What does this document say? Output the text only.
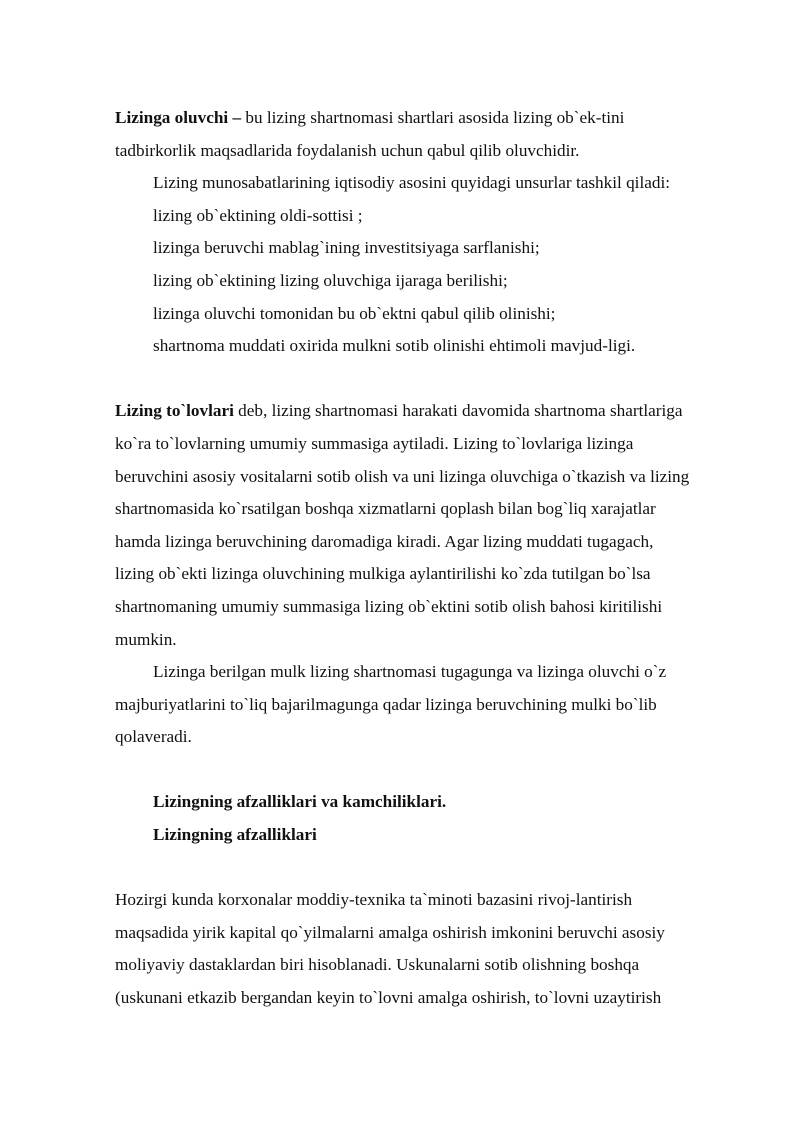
Lizinga oluvchi – bu lizing shartnomasi shartlari asosida lizing ob`ek-tini
tadbirkorlik maqsadlarida foydalanish uchun qabul qilib oluvchidir.
Lizing munosabatlarining iqtisodiy asosini quyidagi unsurlar tashkil qiladi:
lizing ob`ektining oldi-sottisi ;
lizinga beruvchi mablag`ining investitsiyaga sarflanishi;
lizing ob`ektining lizing oluvchiga ijaraga berilishi;
lizinga oluvchi tomonidan bu ob`ektni qabul qilib olinishi;
shartnoma muddati oxirida mulkni sotib olinishi ehtimoli mavjud-ligi.
Lizing to`lovlari deb, lizing shartnomasi harakati davomida shartnoma shartlariga
ko`ra to`lovlarning umumiy summasiga aytiladi. Lizing to`lovlariga lizinga
beruvchini asosiy vositalarni sotib olish va uni lizinga oluvchiga o`tkazish va lizing
shartnomasida ko`rsatilgan boshqa xizmatlarni qoplash bilan bog`liq xarajatlar
hamda lizinga beruvchining daromadiga kiradi. Agar lizing muddati tugagach,
lizing ob`ekti lizinga oluvchining mulkiga aylantirilishi ko`zda tutilgan bo`lsa
shartnomaning umumiy summasiga lizing ob`ektini sotib olish bahosi kiritilishi
mumkin.
Lizinga berilgan mulk lizing shartnomasi tugagunga va lizinga oluvchi o`z
majburiyatlarini to`liq bajarilmagunga qadar lizinga beruvchining mulki bo`lib
qolaveradi.
Lizingning afzalliklari va kamchiliklari.
Lizingning afzalliklari
Hozirgi kunda korxonalar moddiy-texnika ta`minoti bazasini rivoj-lantirish
maqsadida yirik kapital qo`yilmalarni amalga oshirish imkonini beruvchi asosiy
moliyaviy dastaklardan biri hisoblanadi. Uskunalarni sotib olishning boshqa
(uskunani etkazib bergandan keyin to`lovni amalga oshirish, to`lovni uzaytirish
